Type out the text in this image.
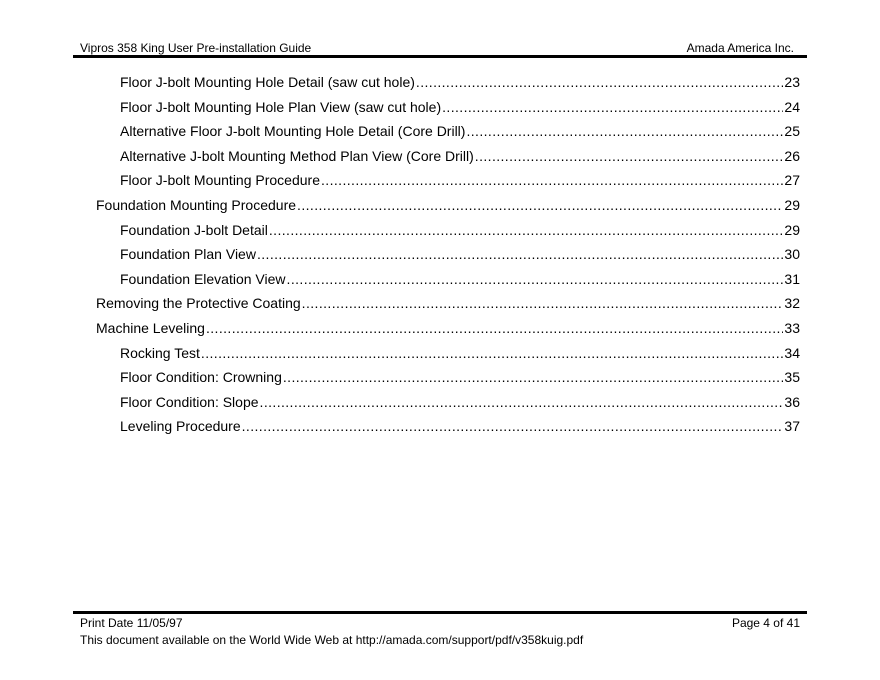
Vipros 358 King User Pre-installation Guide	Amada America Inc.
Floor J-bolt Mounting Hole Detail (saw cut hole) .....	23
Floor J-bolt Mounting Hole Plan View (saw cut hole) .....	24
Alternative Floor J-bolt Mounting Hole Detail (Core Drill) .....	25
Alternative J-bolt Mounting Method Plan View (Core Drill) .....	26
Floor J-bolt Mounting Procedure .....	27
Foundation Mounting Procedure .....	29
Foundation J-bolt Detail .....	29
Foundation Plan View .....	30
Foundation Elevation View .....	31
Removing the Protective Coating .....	32
Machine Leveling .....	33
Rocking Test .....	34
Floor Condition: Crowning .....	35
Floor Condition: Slope .....	36
Leveling Procedure .....	37
Print Date 11/05/97	Page 4 of 41
This document available on the World Wide Web at http://amada.com/support/pdf/v358kuig.pdf
